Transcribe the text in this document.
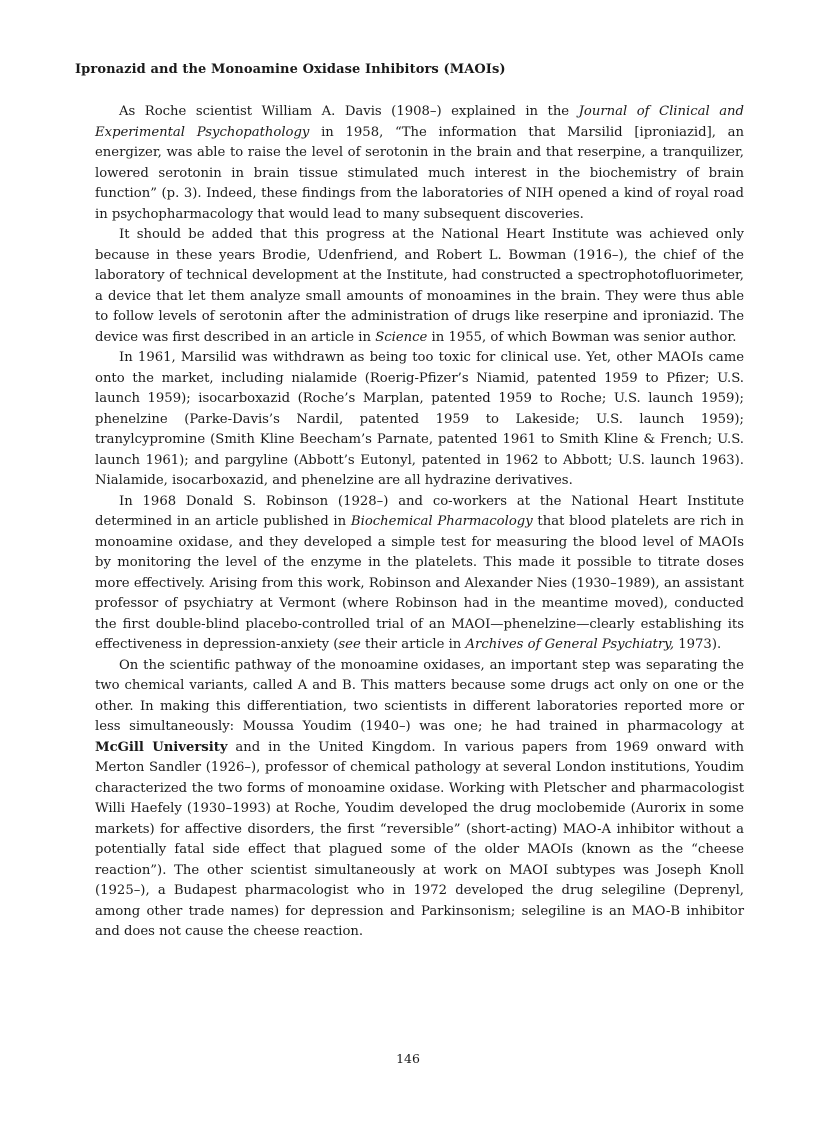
Ipronazid and the Monoamine Oxidase Inhibitors (MAOIs)

As Roche scientist William A. Davis (1908–) explained in the Journal of Clinical and Experimental Psychopathology in 1958, “The information that Marsilid [iproniazid], an energizer, was able to raise the level of serotonin in the brain and that reserpine, a tranquilizer, lowered serotonin in brain tissue stimulated much interest in the biochemistry of brain function” (p. 3). Indeed, these findings from the laboratories of NIH opened a kind of royal road in psychopharmacology that would lead to many subsequent discoveries.

It should be added that this progress at the National Heart Institute was achieved only because in these years Brodie, Udenfriend, and Robert L. Bowman (1916–), the chief of the laboratory of technical development at the Institute, had constructed a spectrophotofluorimeter, a device that let them analyze small amounts of monoamines in the brain. They were thus able to follow levels of serotonin after the administration of drugs like reserpine and iproniazid. The device was first described in an article in Science in 1955, of which Bowman was senior author.

In 1961, Marsilid was withdrawn as being too toxic for clinical use. Yet, other MAOIs came onto the market, including nialamide (Roerig-Pfizer’s Niamid, patented 1959 to Pfizer; U.S. launch 1959); isocarboxazid (Roche’s Marplan, patented 1959 to Roche; U.S. launch 1959); phenelzine (Parke-Davis’s Nardil, patented 1959 to Lakeside; U.S. launch 1959); tranylcypromine (Smith Kline Beecham’s Parnate, patented 1961 to Smith Kline & French; U.S. launch 1961); and pargyline (Abbott’s Eutonyl, patented in 1962 to Abbott; U.S. launch 1963). Nialamide, isocarboxazid, and phenelzine are all hydrazine derivatives.

In 1968 Donald S. Robinson (1928–) and co-workers at the National Heart Institute determined in an article published in Biochemical Pharmacology that blood platelets are rich in monoamine oxidase, and they developed a simple test for measuring the blood level of MAOIs by monitoring the level of the enzyme in the platelets. This made it possible to titrate doses more effectively. Arising from this work, Robinson and Alexander Nies (1930–1989), an assistant professor of psychiatry at Vermont (where Robinson had in the meantime moved), conducted the first double-blind placebo-controlled trial of an MAOI—phenelzine—clearly establishing its effectiveness in depression-anxiety (see their article in Archives of General Psychiatry, 1973).

On the scientific pathway of the monoamine oxidases, an important step was separating the two chemical variants, called A and B. This matters because some drugs act only on one or the other. In making this differentiation, two scientists in different laboratories reported more or less simultaneously: Moussa Youdim (1940–) was one; he had trained in pharmacology at McGill University and in the United Kingdom. In various papers from 1969 onward with Merton Sandler (1926–), professor of chemical pathology at several London institutions, Youdim characterized the two forms of monoamine oxidase. Working with Pletscher and pharmacologist Willi Haefely (1930–1993) at Roche, Youdim developed the drug moclobemide (Aurorix in some markets) for affective disorders, the first “reversible” (short-acting) MAO-A inhibitor without a potentially fatal side effect that plagued some of the older MAOIs (known as the “cheese reaction”). The other scientist simultaneously at work on MAOI subtypes was Joseph Knoll (1925–), a Budapest pharmacologist who in 1972 developed the drug selegiline (Deprenyl, among other trade names) for depression and Parkinsonism; selegiline is an MAO-B inhibitor and does not cause the cheese reaction.

146
